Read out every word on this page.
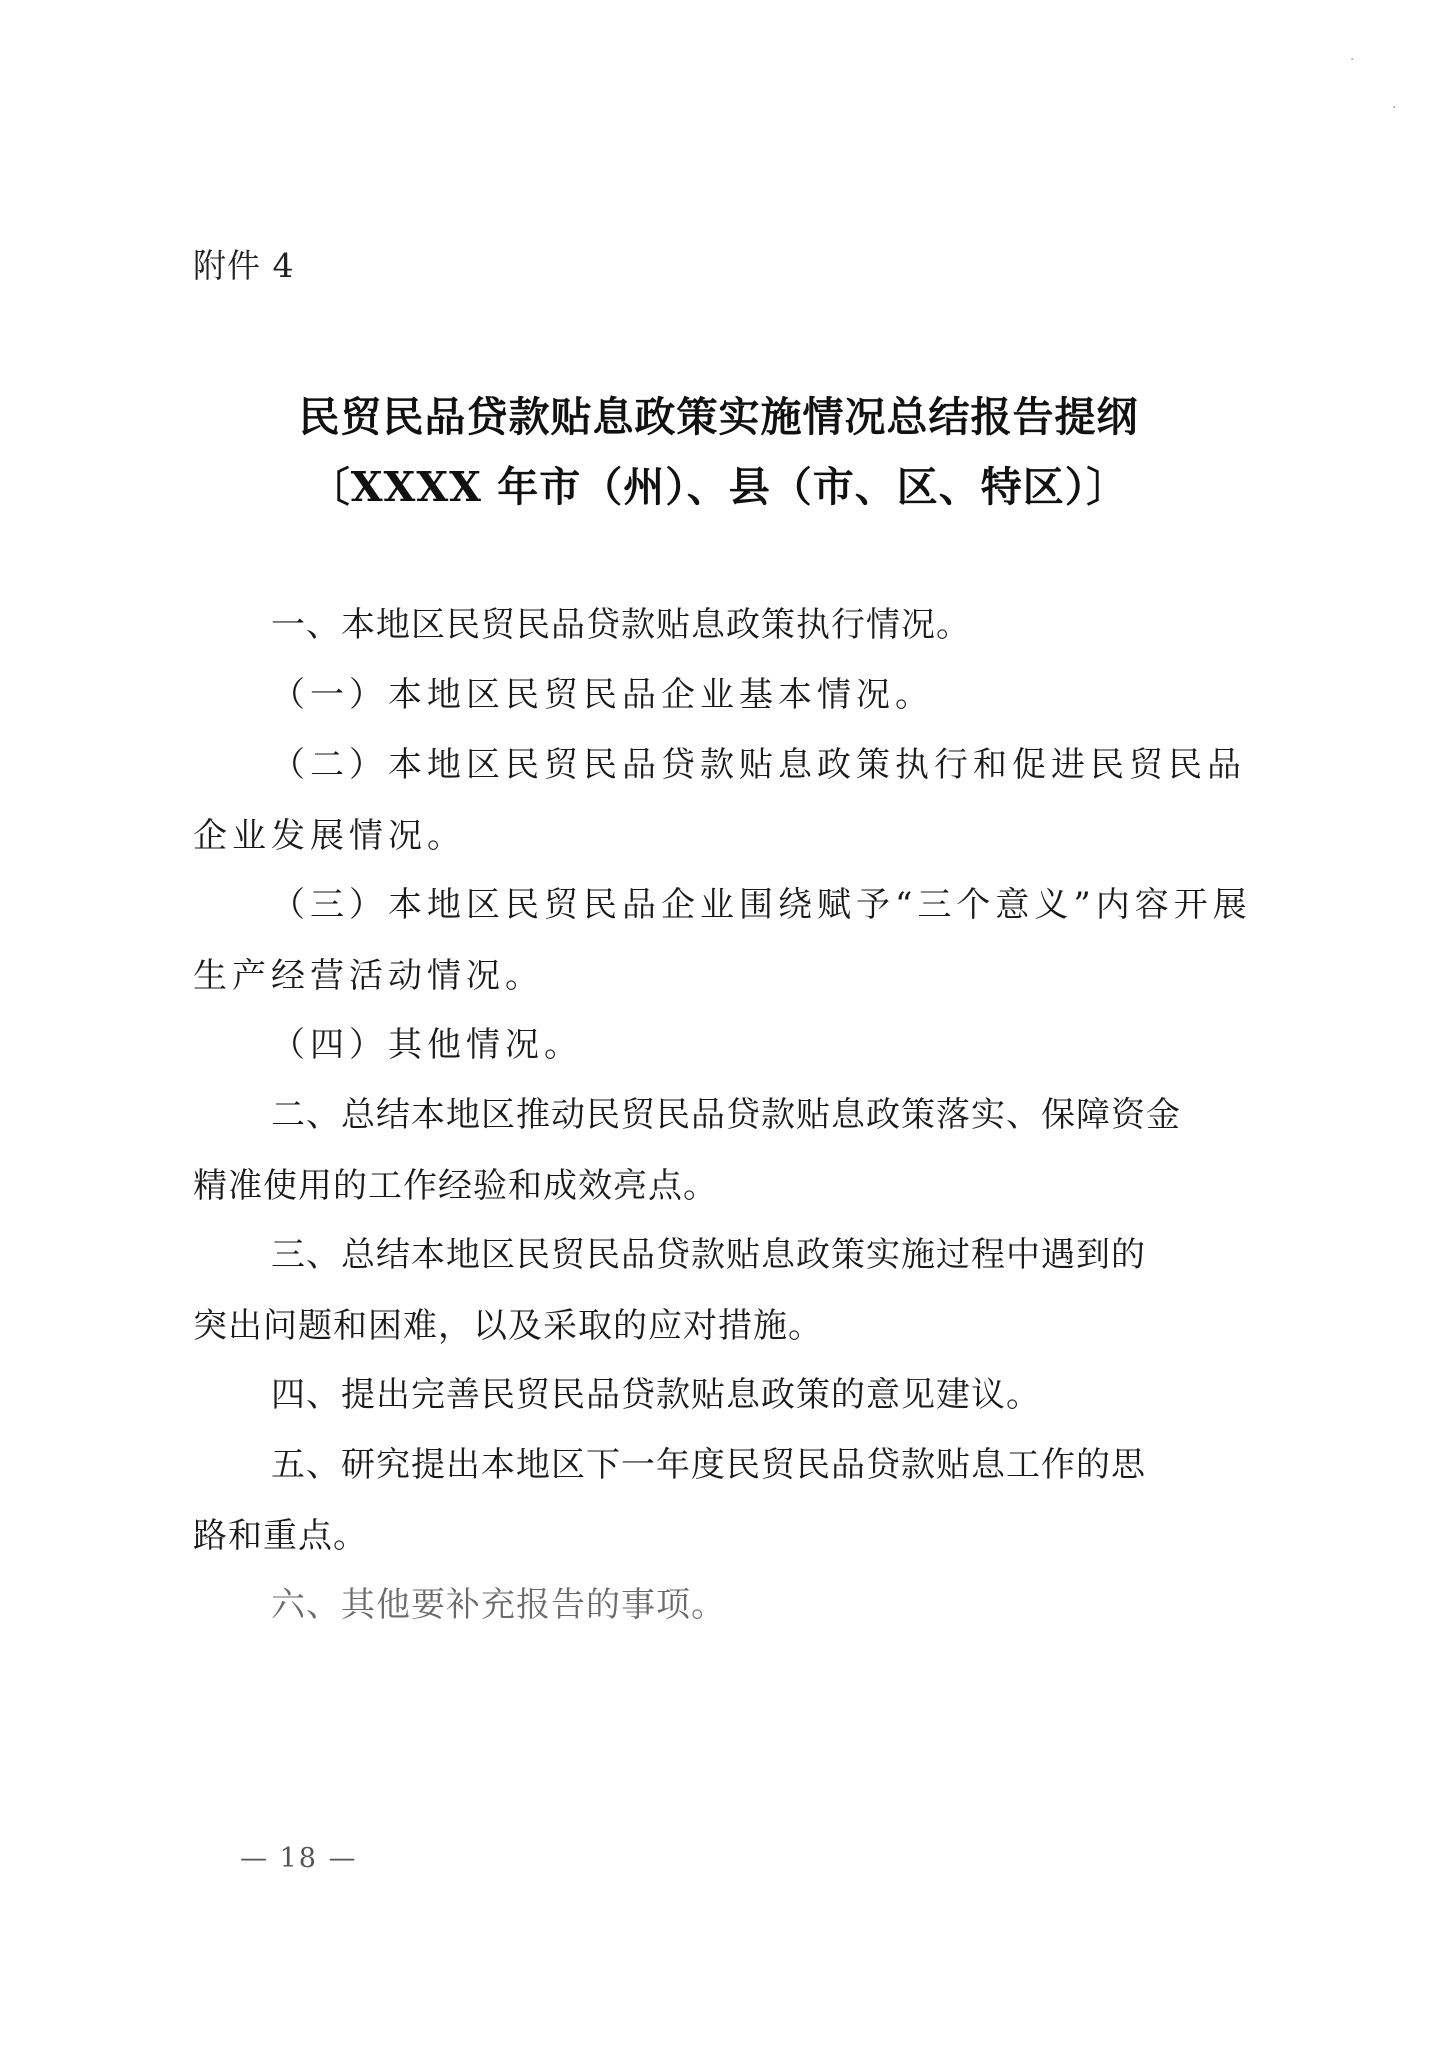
附件 4
民贸民品贷款贴息政策实施情况总结报告提纲
〔XXXX 年市（州）、县（市、区、特区）〕
一、本地区民贸民品贷款贴息政策执行情况。
（一）本地区民贸民品企业基本情况。
（二）本地区民贸民品贷款贴息政策执行和促进民贸民品
企业发展情况。
（三）本地区民贸民品企业围绕赋予“三个意义”内容开展
生产经营活动情况。
（四）其他情况。
二、总结本地区推动民贸民品贷款贴息政策落实、保障资金
精准使用的工作经验和成效亮点。
三、总结本地区民贸民品贷款贴息政策实施过程中遇到的
突出问题和困难，以及采取的应对措施。
四、提出完善民贸民品贷款贴息政策的意见建议。
五、研究提出本地区下一年度民贸民品贷款贴息工作的思
路和重点。
六、其他要补充报告的事项。
— 18 —
·
·
